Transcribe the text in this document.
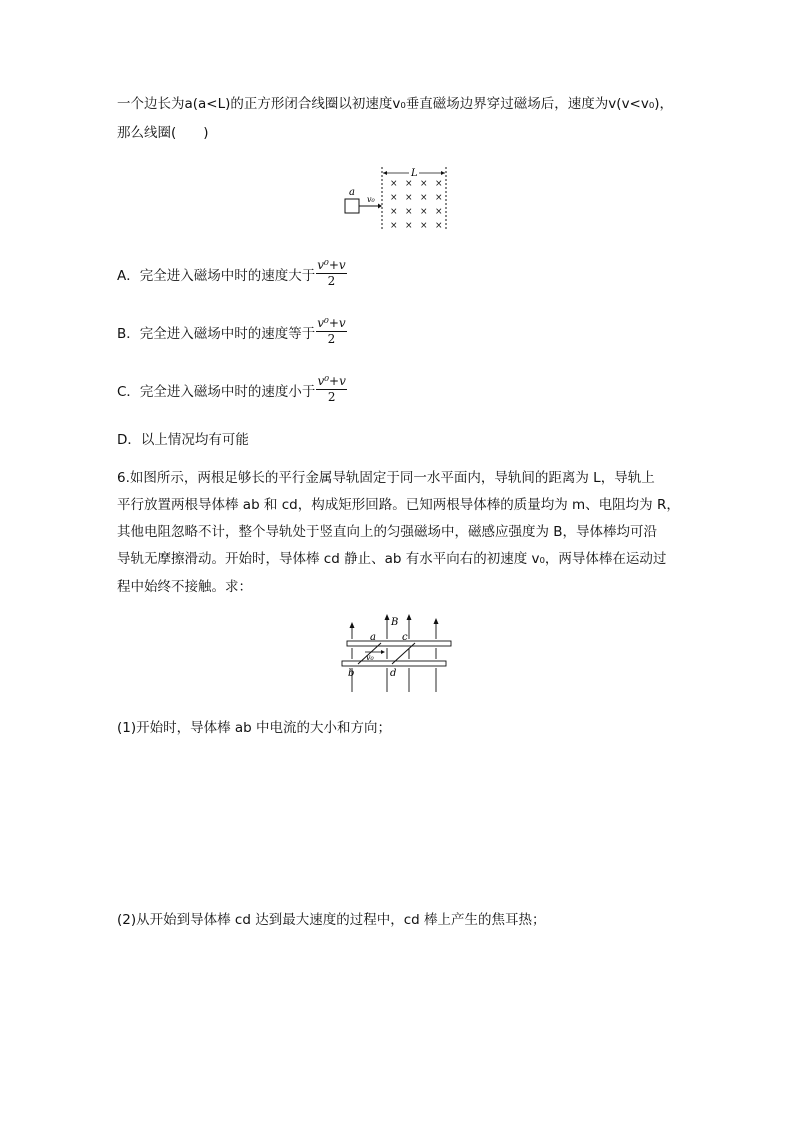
一个边长为a(a<L)的正方形闭合线圈以初速度v₀垂直磁场边界穿过磁场后，速度为v(v<v₀)，
那么线圈(　　)
a
v₀
L
× × × ×
× × × ×
× × × ×
× × × ×
A．完全进入磁场中时的速度大于 $\frac{\text{v⁰+v}}{2}$
B．完全进入磁场中时的速度等于 $\frac{\text{v⁰+v}}{2}$
C．完全进入磁场中时的速度小于 $\frac{\text{v⁰+v}}{2}$
D．以上情况均有可能
6.如图所示，两根足够长的平行金属导轨固定于同一水平面内，导轨间的距离为 L，导轨上
平行放置两根导体棒 ab 和 cd，构成矩形回路。已知两根导体棒的质量均为 m、电阻均为 R，
其他电阻忽略不计，整个导轨处于竖直向上的匀强磁场中，磁感应强度为 B，导体棒均可沿
导轨无摩擦滑动。开始时，导体棒 cd 静止、ab 有水平向右的初速度 v₀，两导体棒在运动过
程中始终不接触。求：
B
a	c
b	d
v₀
(1)开始时，导体棒 ab 中电流的大小和方向；
(2)从开始到导体棒 cd 达到最大速度的过程中，cd 棒上产生的焦耳热；
